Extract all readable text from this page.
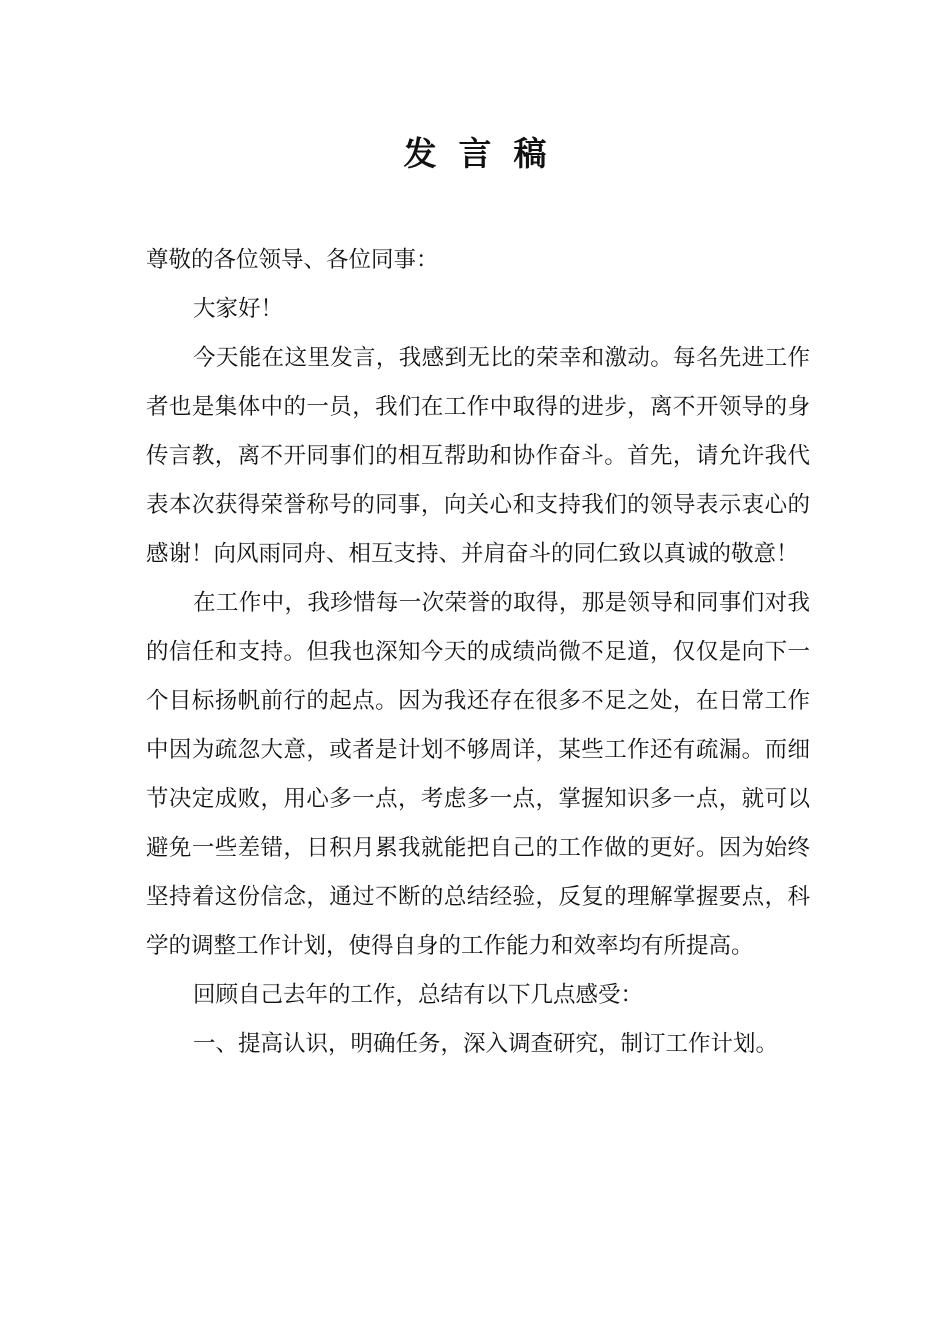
发言稿

尊敬的各位领导、各位同事：

大家好！

今天能在这里发言，我感到无比的荣幸和激动。每名先进工作者也是集体中的一员，我们在工作中取得的进步，离不开领导的身传言教，离不开同事们的相互帮助和协作奋斗。首先，请允许我代表本次获得荣誉称号的同事，向关心和支持我们的领导表示衷心的感谢！向风雨同舟、相互支持、并肩奋斗的同仁致以真诚的敬意！

在工作中，我珍惜每一次荣誉的取得，那是领导和同事们对我的信任和支持。但我也深知今天的成绩尚微不足道，仅仅是向下一个目标扬帆前行的起点。因为我还存在很多不足之处，在日常工作中因为疏忽大意，或者是计划不够周详，某些工作还有疏漏。而细节决定成败，用心多一点，考虑多一点，掌握知识多一点，就可以避免一些差错，日积月累我就能把自己的工作做的更好。因为始终坚持着这份信念，通过不断的总结经验，反复的理解掌握要点，科学的调整工作计划，使得自身的工作能力和效率均有所提高。

回顾自己去年的工作，总结有以下几点感受：

一、提高认识，明确任务，深入调查研究，制订工作计划。
